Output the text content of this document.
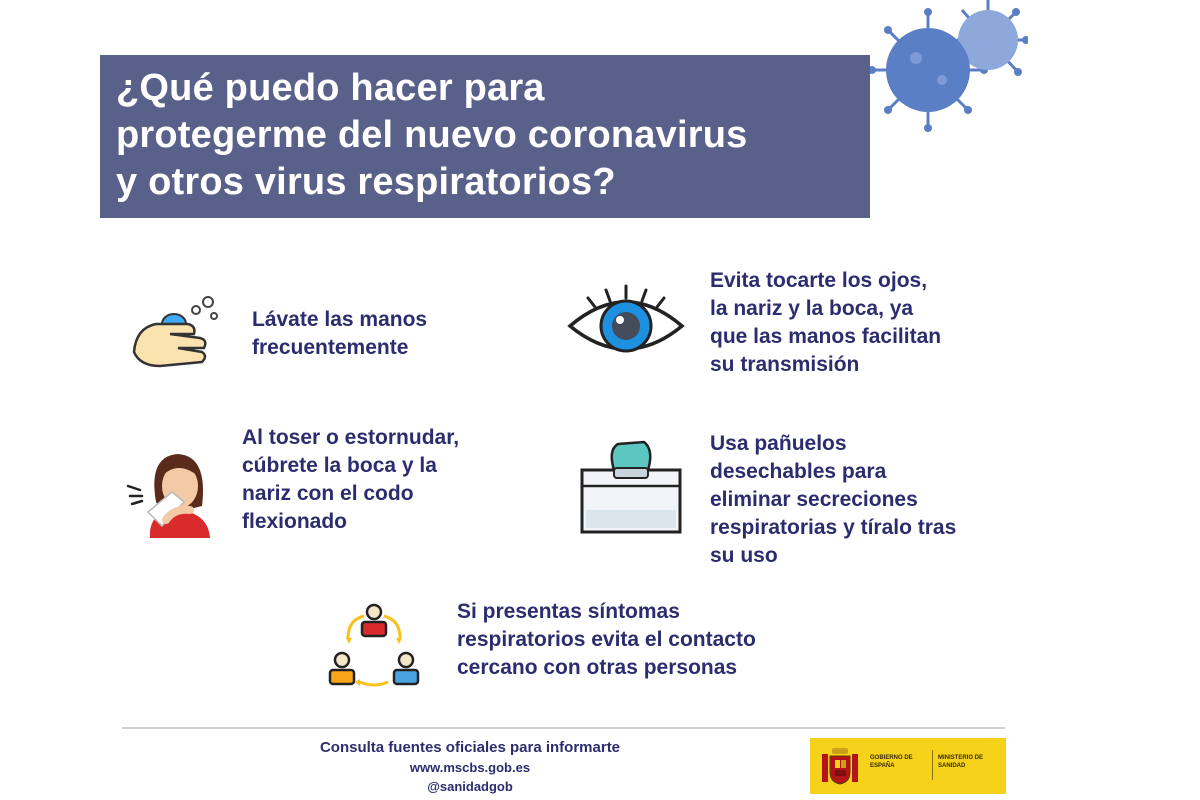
¿Qué puedo hacer para
protegerme del nuevo coronavirus
y otros virus respiratorios?
Lávate las manos
frecuentemente
Evita tocarte los ojos,
la nariz y la boca, ya
que las manos facilitan
su transmisión
Al toser o estornudar,
cúbrete la boca y la
nariz con el codo
flexionado
Usa pañuelos
desechables para
eliminar secreciones
respiratorias y tíralo tras
su uso
Si presentas síntomas
respiratorios evita el contacto
cercano con otras personas
Consulta fuentes oficiales para informarte
www.mscbs.gob.es
@sanidadgob
GOBIERNO DE ESPAÑA
MINISTERIO DE SANIDAD
